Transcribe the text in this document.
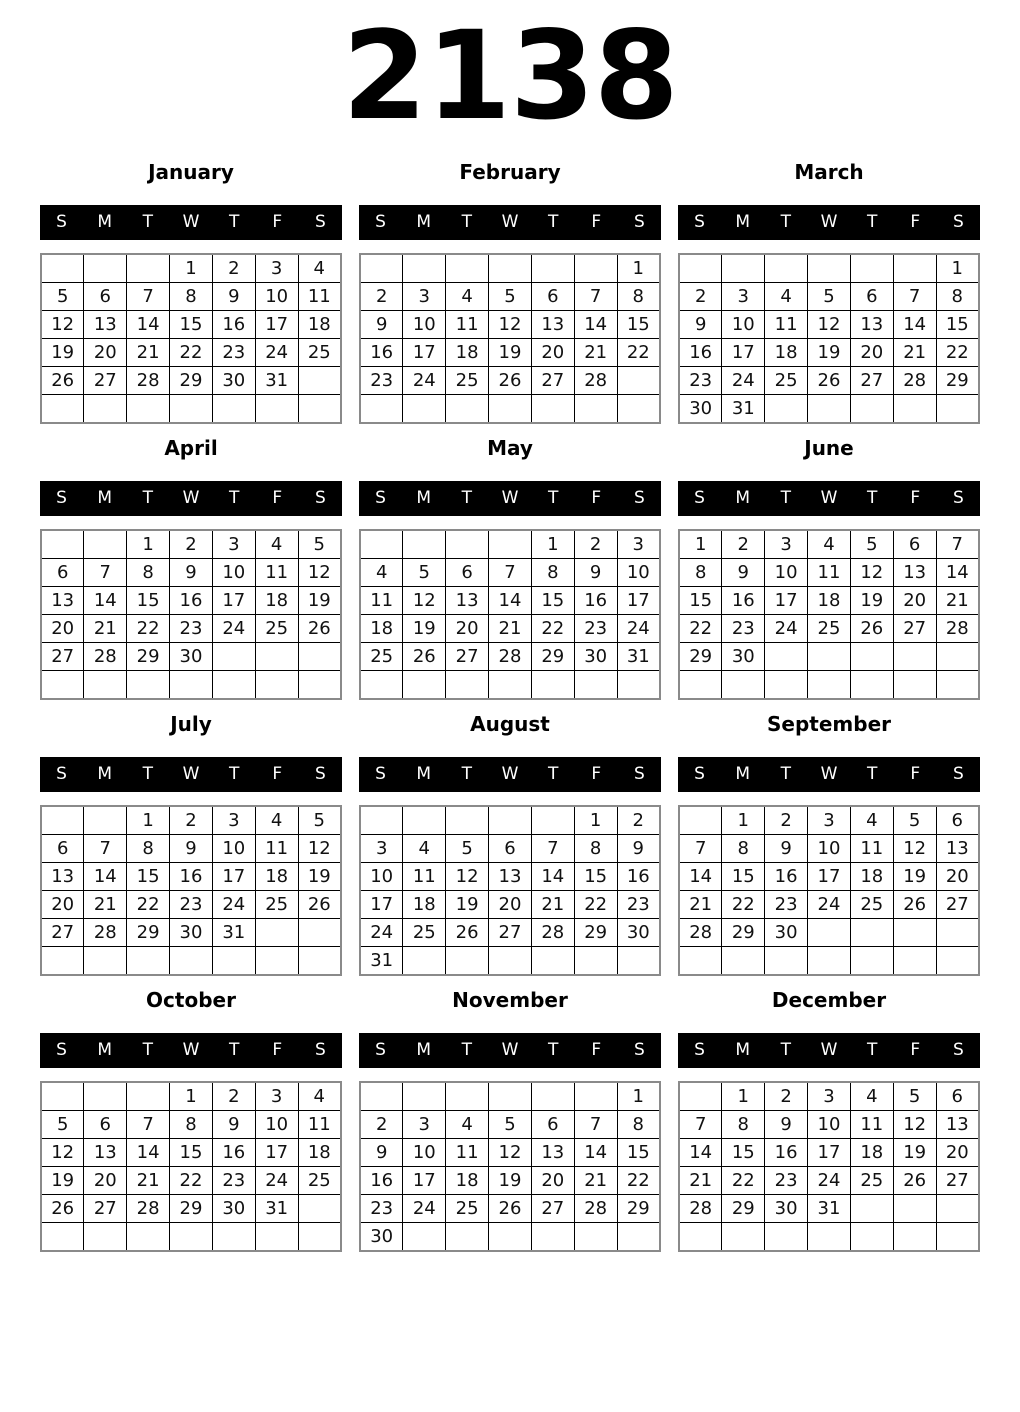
2138
January
S	M	T	W	T	F	S
			1	2	3	4
5	6	7	8	9	10	11
12	13	14	15	16	17	18
19	20	21	22	23	24	25
26	27	28	29	30	31	

February
S	M	T	W	T	F	S
						1
2	3	4	5	6	7	8
9	10	11	12	13	14	15
16	17	18	19	20	21	22
23	24	25	26	27	28	

March
S	M	T	W	T	F	S
						1
2	3	4	5	6	7	8
9	10	11	12	13	14	15
16	17	18	19	20	21	22
23	24	25	26	27	28	29
30	31					
April
S	M	T	W	T	F	S
		1	2	3	4	5
6	7	8	9	10	11	12
13	14	15	16	17	18	19
20	21	22	23	24	25	26
27	28	29	30			

May
S	M	T	W	T	F	S
				1	2	3
4	5	6	7	8	9	10
11	12	13	14	15	16	17
18	19	20	21	22	23	24
25	26	27	28	29	30	31

June
S	M	T	W	T	F	S
1	2	3	4	5	6	7
8	9	10	11	12	13	14
15	16	17	18	19	20	21
22	23	24	25	26	27	28
29	30					

July
S	M	T	W	T	F	S
		1	2	3	4	5
6	7	8	9	10	11	12
13	14	15	16	17	18	19
20	21	22	23	24	25	26
27	28	29	30	31		

August
S	M	T	W	T	F	S
					1	2
3	4	5	6	7	8	9
10	11	12	13	14	15	16
17	18	19	20	21	22	23
24	25	26	27	28	29	30
31						
September
S	M	T	W	T	F	S
	1	2	3	4	5	6
7	8	9	10	11	12	13
14	15	16	17	18	19	20
21	22	23	24	25	26	27
28	29	30				

October
S	M	T	W	T	F	S
			1	2	3	4
5	6	7	8	9	10	11
12	13	14	15	16	17	18
19	20	21	22	23	24	25
26	27	28	29	30	31	

November
S	M	T	W	T	F	S
						1
2	3	4	5	6	7	8
9	10	11	12	13	14	15
16	17	18	19	20	21	22
23	24	25	26	27	28	29
30						
December
S	M	T	W	T	F	S
	1	2	3	4	5	6
7	8	9	10	11	12	13
14	15	16	17	18	19	20
21	22	23	24	25	26	27
28	29	30	31			
